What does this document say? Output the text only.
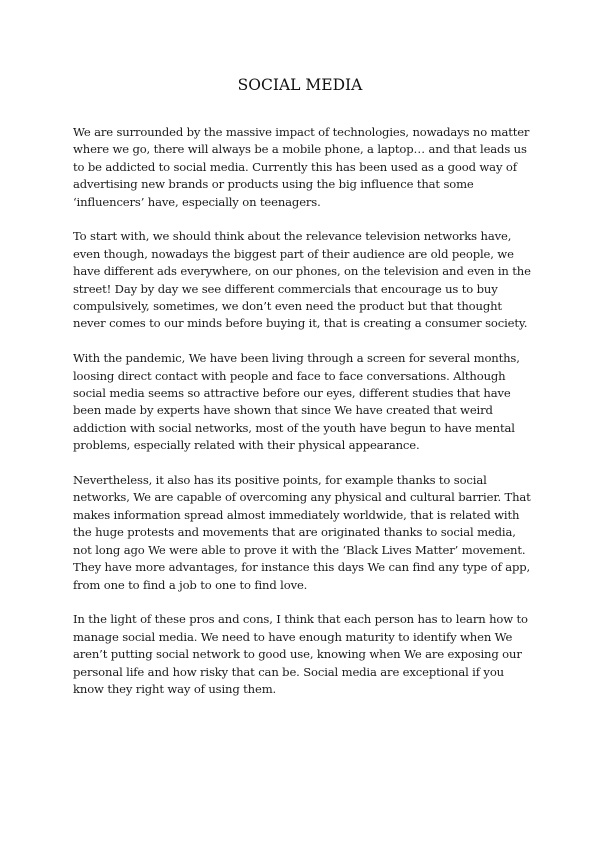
SOCIAL MEDIA

We are surrounded by the massive impact of technologies, nowadays no matter where we go, there will always be a mobile phone, a laptop… and that leads us to be addicted to social media. Currently this has been used as a good way of advertising new brands or products using the big influence that some ‘influencers’ have, especially on teenagers.

To start with, we should think about the relevance television networks have, even though, nowadays the biggest part of their audience are old people, we have different ads everywhere, on our phones, on the television and even in the street! Day by day we see different commercials that encourage us to buy compulsively, sometimes, we don’t even need the product but that thought never comes to our minds before buying it, that is creating a consumer society.

With the pandemic, We have been living through a screen for several months, loosing direct contact with people and face to face conversations. Although social media seems so attractive before our eyes, different studies that have been made by experts have shown that since We have created that weird addiction with social networks, most of the youth have begun to have mental problems, especially related with their physical appearance.

Nevertheless, it also has its positive points, for example thanks to social networks, We are capable of overcoming any physical and cultural barrier. That makes information spread almost immediately worldwide, that is related with the huge protests and movements that are originated thanks to social media, not long ago We were able to prove it with the ‘Black Lives Matter’ movement. They have more advantages, for instance this days We can find any type of app, from one to find a job to one to find love.

In the light of these pros and cons, I think that each person has to learn how to manage social media. We need to have enough maturity to identify when We aren’t putting social network to good use, knowing when We are exposing our personal life and how risky that can be. Social media are exceptional if you know they right way of using them.
